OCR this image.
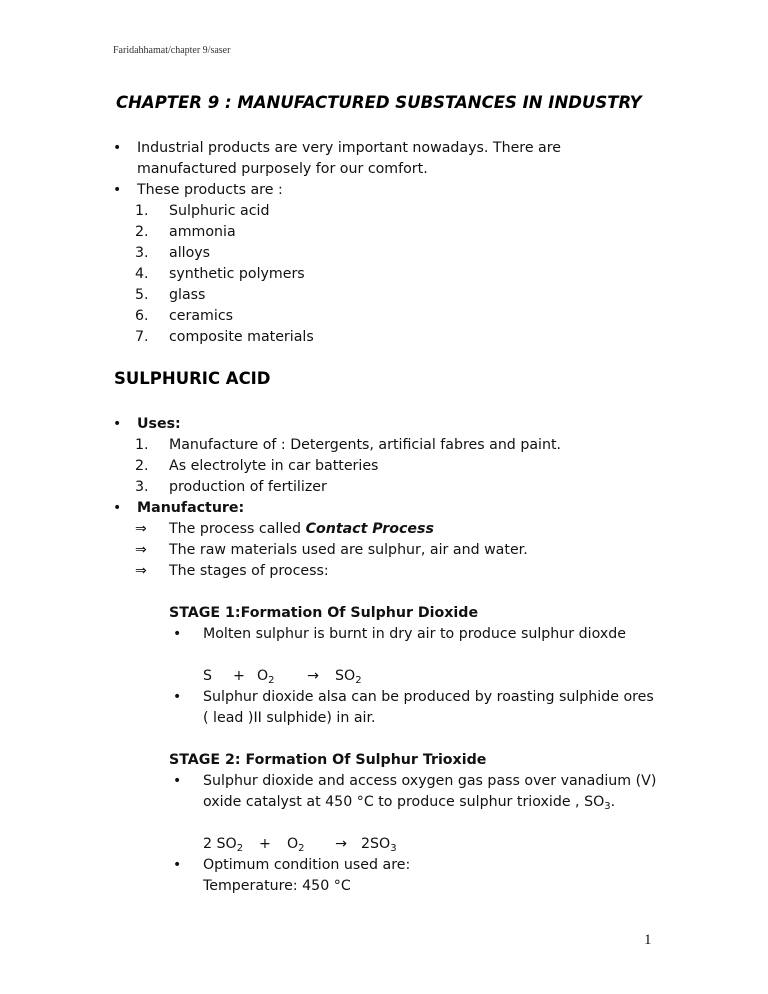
Faridahhamat/chapter 9/saser
CHAPTER 9 : MANUFACTURED SUBSTANCES IN INDUSTRY
• Industrial products are very important nowadays. There are
manufactured purposely for our comfort.
• These products are :
1. Sulphuric acid
2. ammonia
3. alloys
4. synthetic polymers
5. glass
6. ceramics
7. composite materials
SULPHURIC ACID
• Uses:
1. Manufacture of : Detergents, artificial fabres and paint.
2. As electrolyte in car batteries
3. production of fertilizer
• Manufacture:
⇒ The process called Contact Process
⇒ The raw materials used are sulphur, air and water.
⇒ The stages of process:
STAGE 1:Formation Of Sulphur Dioxide
• Molten sulphur is burnt in dry air to produce sulphur dioxde
$S + O_2 \to SO_2$
• Sulphur dioxide alsa can be produced by roasting sulphide ores
( lead )II sulphide) in air.
STAGE 2: Formation Of Sulphur Trioxide
• Sulphur dioxide and access oxygen gas pass over vanadium (V)
oxide catalyst at 450 °C to produce sulphur trioxide , $SO_3$.
2 $SO_2 + O_2 \to 2SO_3$
• Optimum condition used are:
Temperature: 450 °C
1
